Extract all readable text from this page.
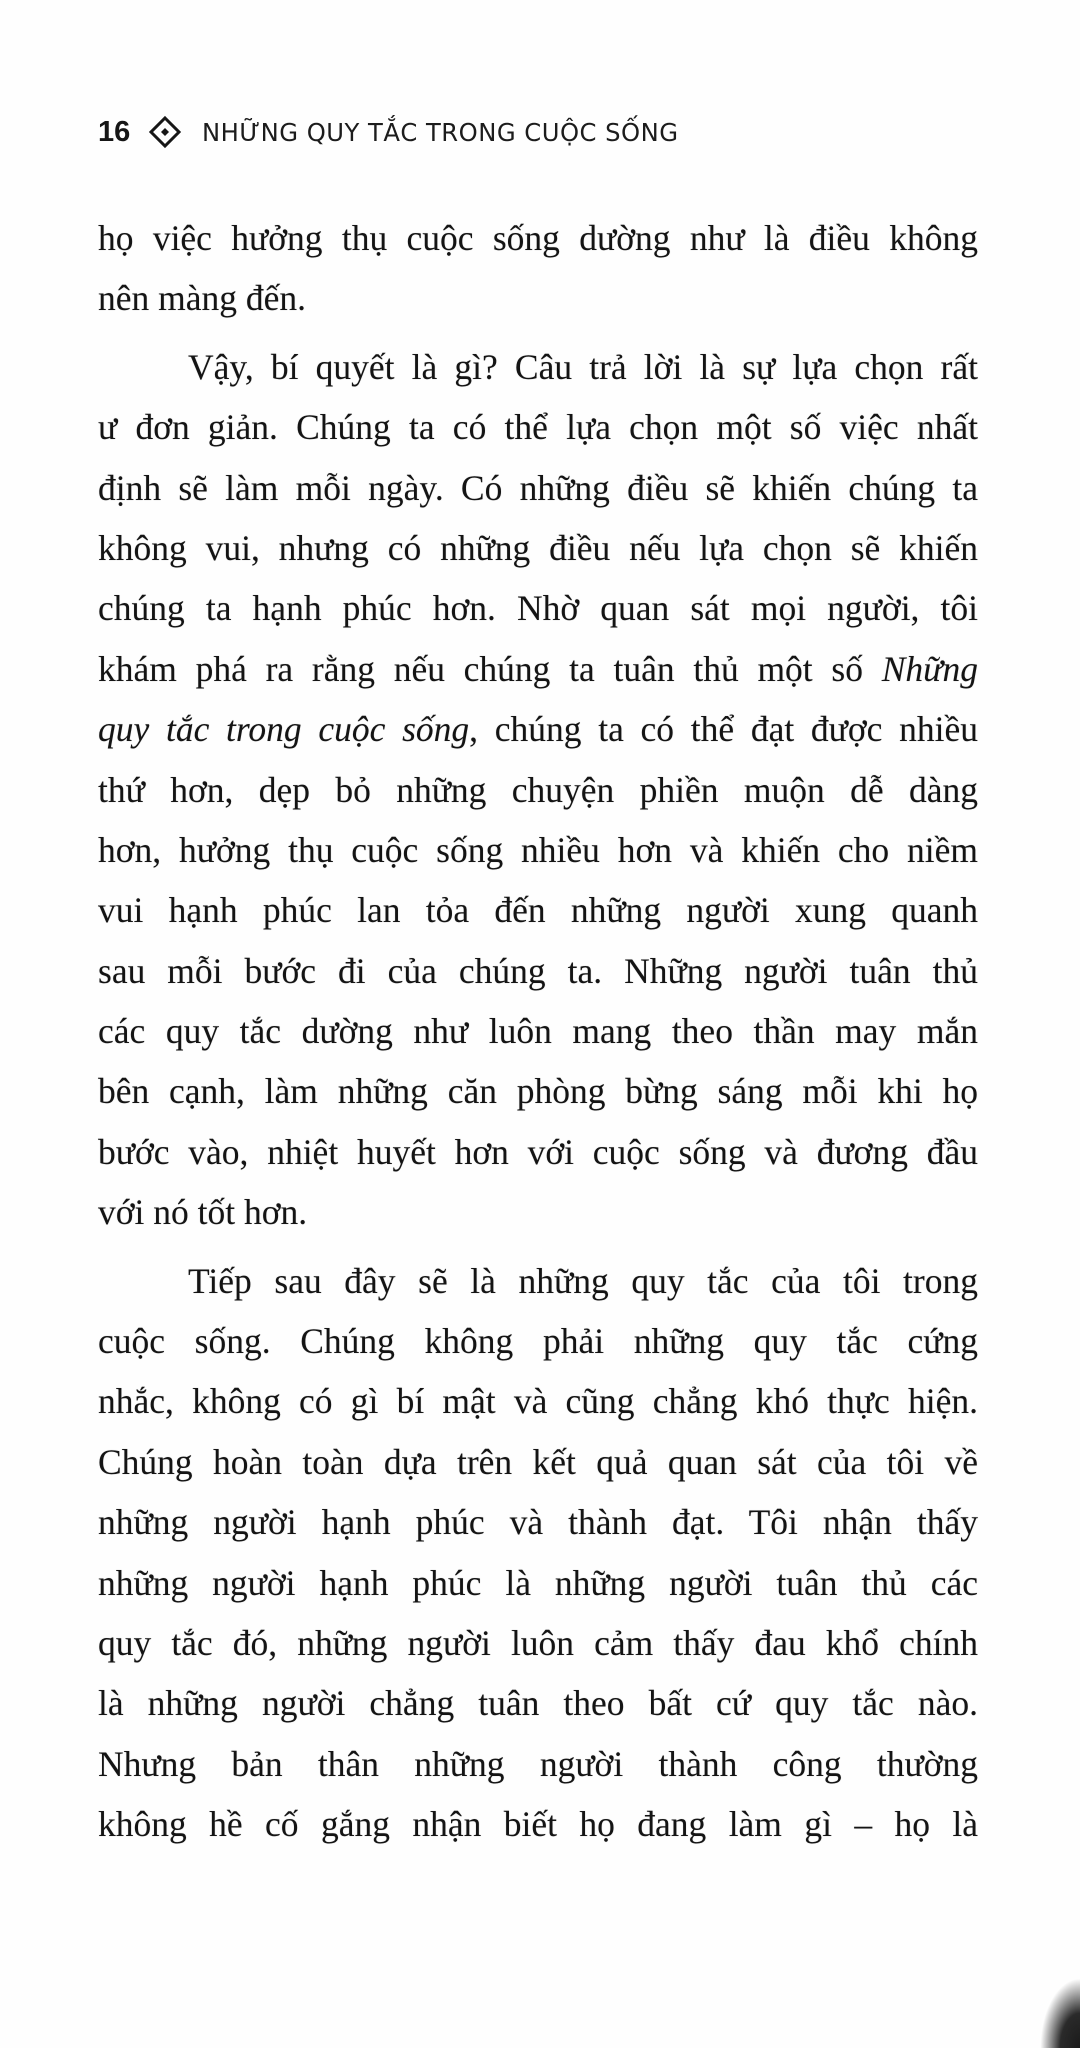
16	NHỮNG QUY TẮC TRONG CUỘC SỐNG
họ việc hưởng thụ cuộc sống dường như là điều không
nên màng đến.
Vậy, bí quyết là gì? Câu trả lời là sự lựa chọn rất
ư đơn giản. Chúng ta có thể lựa chọn một số việc nhất
định sẽ làm mỗi ngày. Có những điều sẽ khiến chúng ta
không vui, nhưng có những điều nếu lựa chọn sẽ khiến
chúng ta hạnh phúc hơn. Nhờ quan sát mọi người, tôi
khám phá ra rằng nếu chúng ta tuân thủ một số Những
quy tắc trong cuộc sống, chúng ta có thể đạt được nhiều
thứ hơn, dẹp bỏ những chuyện phiền muộn dễ dàng
hơn, hưởng thụ cuộc sống nhiều hơn và khiến cho niềm
vui hạnh phúc lan tỏa đến những người xung quanh
sau mỗi bước đi của chúng ta. Những người tuân thủ
các quy tắc dường như luôn mang theo thần may mắn
bên cạnh, làm những căn phòng bừng sáng mỗi khi họ
bước vào, nhiệt huyết hơn với cuộc sống và đương đầu
với nó tốt hơn.
Tiếp sau đây sẽ là những quy tắc của tôi trong
cuộc sống. Chúng không phải những quy tắc cứng
nhắc, không có gì bí mật và cũng chẳng khó thực hiện.
Chúng hoàn toàn dựa trên kết quả quan sát của tôi về
những người hạnh phúc và thành đạt. Tôi nhận thấy
những người hạnh phúc là những người tuân thủ các
quy tắc đó, những người luôn cảm thấy đau khổ chính
là những người chẳng tuân theo bất cứ quy tắc nào.
Nhưng bản thân những người thành công thường
không hề cố gắng nhận biết họ đang làm gì – họ là
